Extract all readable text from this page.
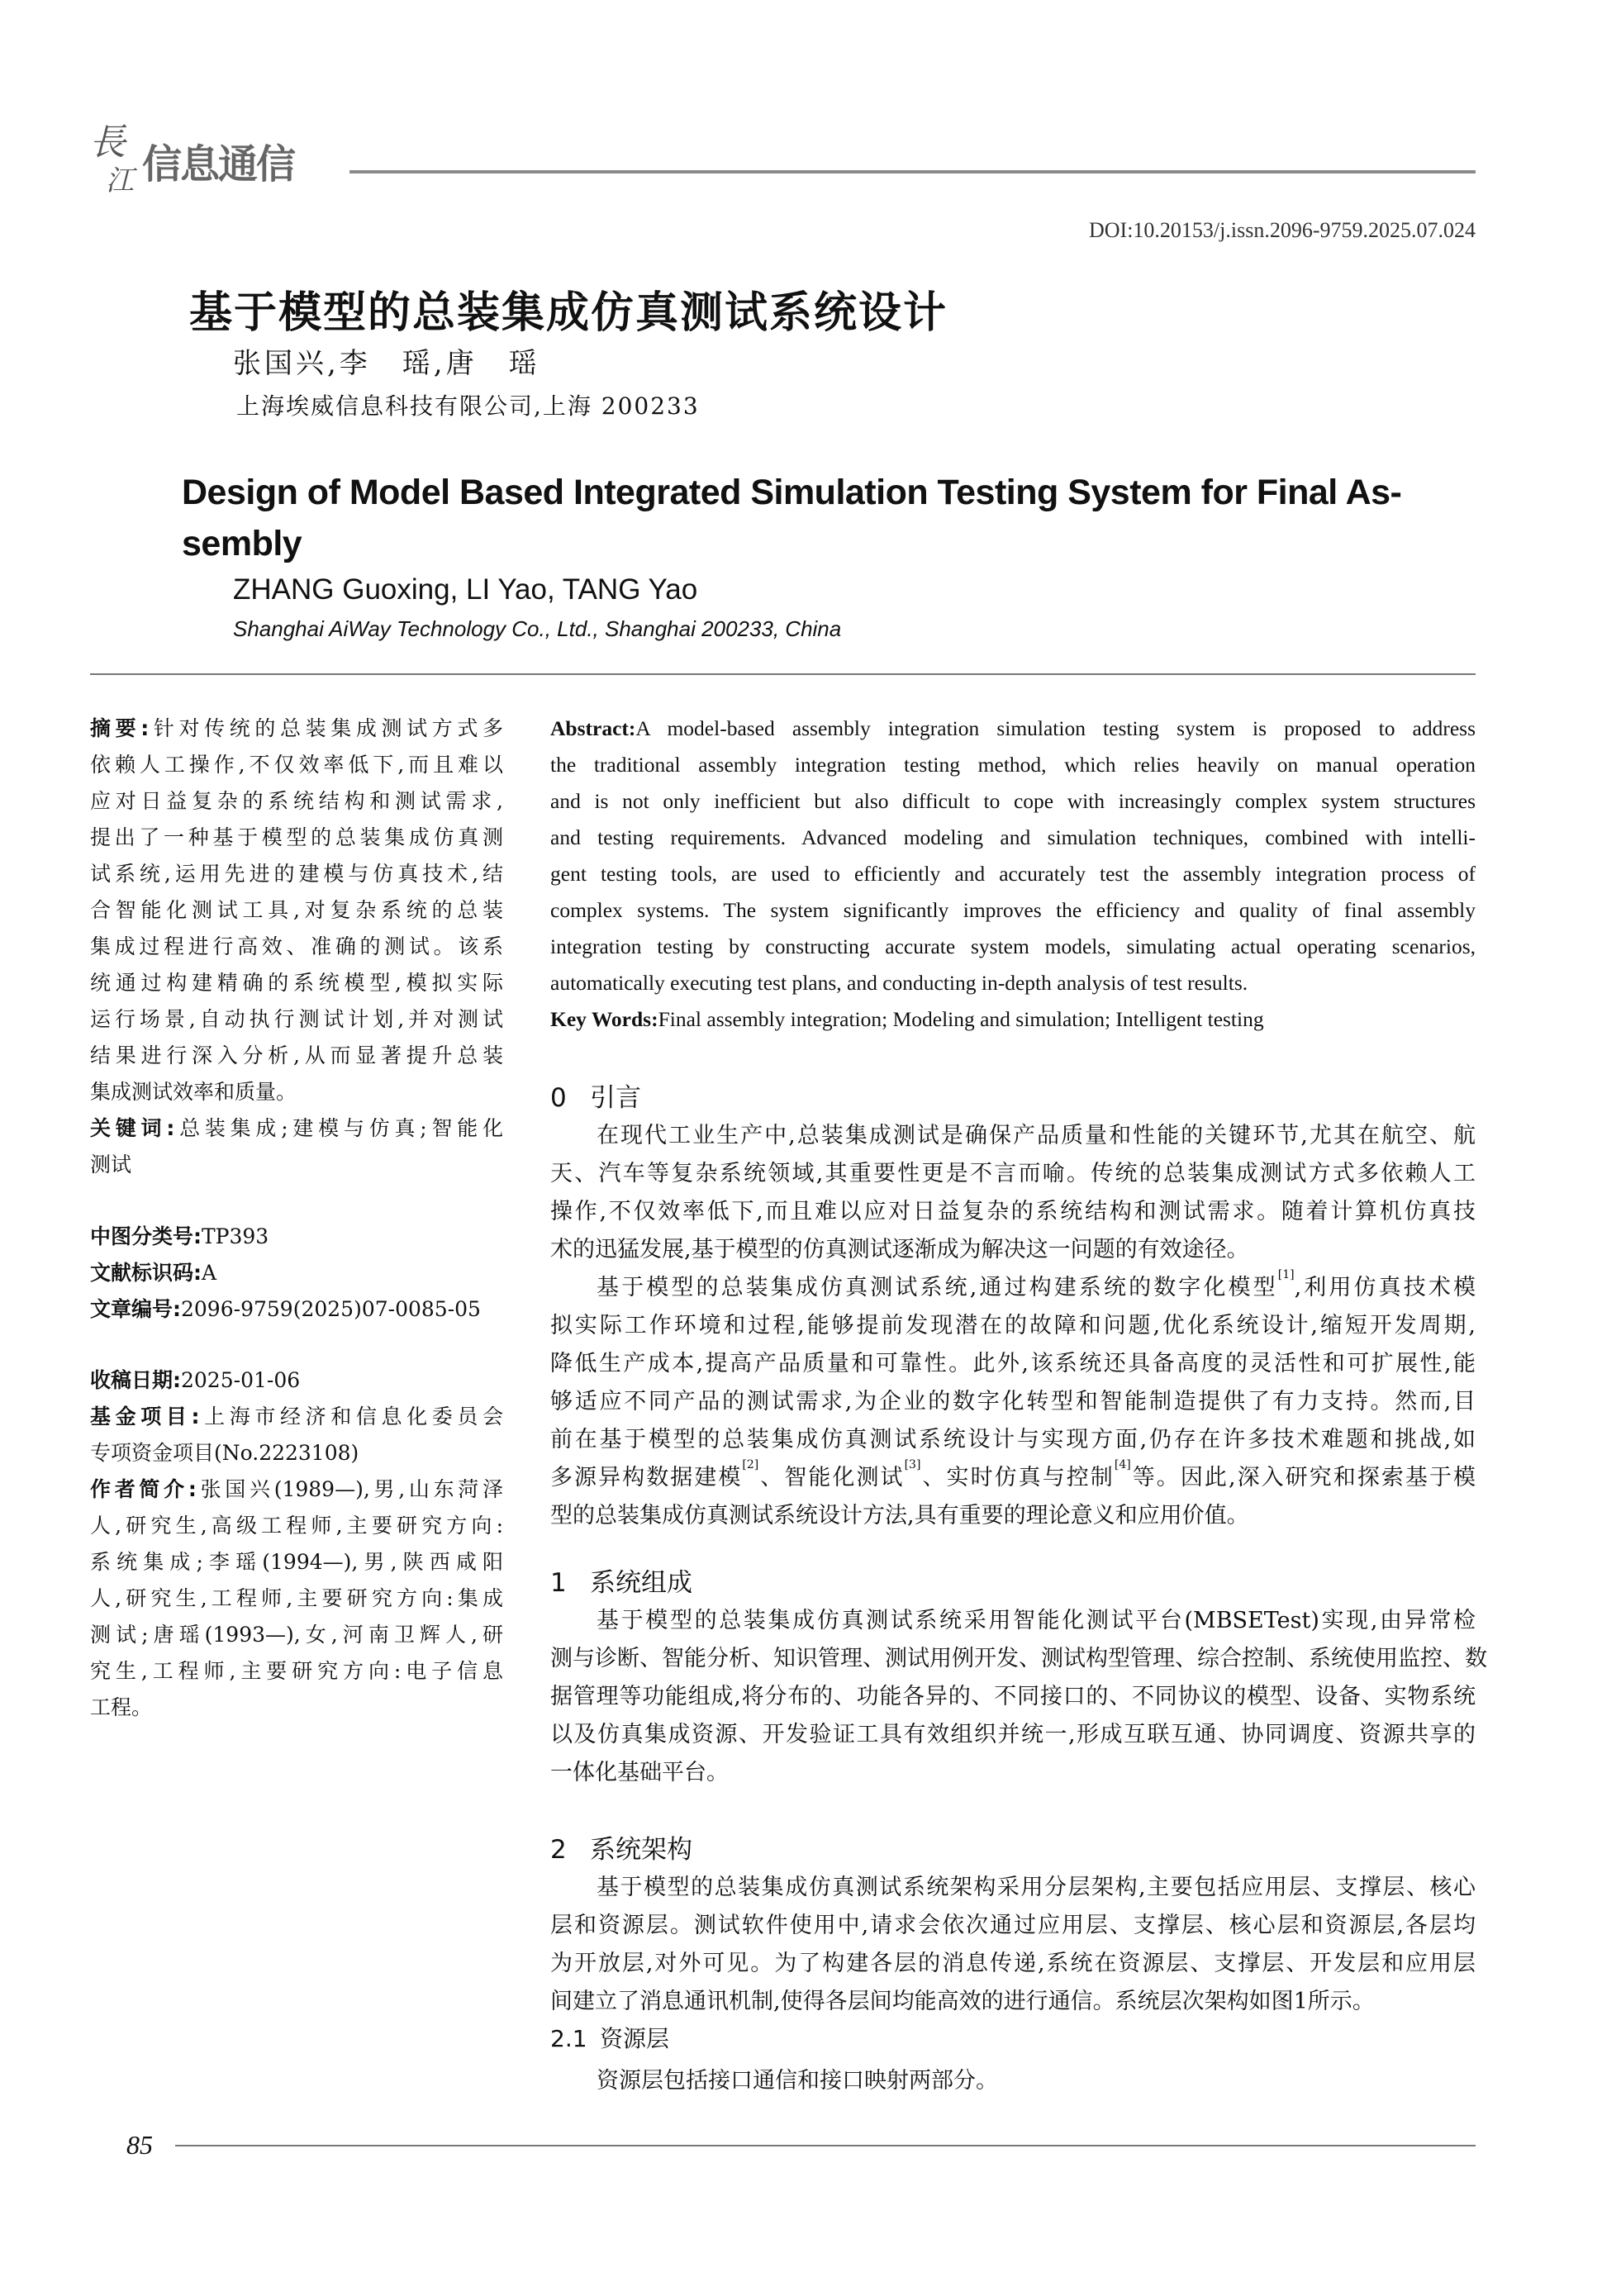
長
江 信息通信
DOI:10.20153/j.issn.2096-9759.2025.07.024
基于模型的总装集成仿真测试系统设计
张国兴,李　瑶,唐　瑶
上海埃威信息科技有限公司,上海 200233
Design of Model Based Integrated Simulation Testing System for Final As-
sembly
ZHANG Guoxing, LI Yao, TANG Yao
Shanghai AiWay Technology Co., Ltd., Shanghai 200233, China
摘要:针对传统的总装集成测试方式多
依赖人工操作,不仅效率低下,而且难以
应对日益复杂的系统结构和测试需求,
提出了一种基于模型的总装集成仿真测
试系统,运用先进的建模与仿真技术,结
合智能化测试工具,对复杂系统的总装
集成过程进行高效、准确的测试。该系
统通过构建精确的系统模型,模拟实际
运行场景,自动执行测试计划,并对测试
结果进行深入分析,从而显著提升总装
集成测试效率和质量。
关键词:总装集成;建模与仿真;智能化
测试
中图分类号:TP393
文献标识码:A
文章编号:2096-9759(2025)07-0085-05
收稿日期:2025-01-06
基金项目:上海市经济和信息化委员会
专项资金项目(No.2223108)
作者简介:张国兴(1989—),男,山东菏泽
人,研究生,高级工程师,主要研究方向:
系统集成;李瑶(1994—),男,陕西咸阳
人,研究生,工程师,主要研究方向:集成
测试;唐瑶(1993—),女,河南卫辉人,研
究生,工程师,主要研究方向:电子信息
工程。
Abstract:A model-based assembly integration simulation testing system is proposed to address
the traditional assembly integration testing method, which relies heavily on manual operation
and is not only inefficient but also difficult to cope with increasingly complex system structures
and testing requirements. Advanced modeling and simulation techniques, combined with intelli-
gent testing tools, are used to efficiently and accurately test the assembly integration process of
complex systems. The system significantly improves the efficiency and quality of final assembly
integration testing by constructing accurate system models, simulating actual operating scenarios,
automatically executing test plans, and conducting in-depth analysis of test results.
Key Words:Final assembly integration; Modeling and simulation; Intelligent testing
0 引言
在现代工业生产中,总装集成测试是确保产品质量和性能的关键环节,尤其在航空、航
天、汽车等复杂系统领域,其重要性更是不言而喻。传统的总装集成测试方式多依赖人工
操作,不仅效率低下,而且难以应对日益复杂的系统结构和测试需求。随着计算机仿真技
术的迅猛发展,基于模型的仿真测试逐渐成为解决这一问题的有效途径。
基于模型的总装集成仿真测试系统,通过构建系统的数字化模型[1],利用仿真技术模
拟实际工作环境和过程,能够提前发现潜在的故障和问题,优化系统设计,缩短开发周期,
降低生产成本,提高产品质量和可靠性。此外,该系统还具备高度的灵活性和可扩展性,能
够适应不同产品的测试需求,为企业的数字化转型和智能制造提供了有力支持。然而,目
前在基于模型的总装集成仿真测试系统设计与实现方面,仍存在许多技术难题和挑战,如
多源异构数据建模[2]、智能化测试[3]、实时仿真与控制[4]等。因此,深入研究和探索基于模
型的总装集成仿真测试系统设计方法,具有重要的理论意义和应用价值。
1 系统组成
基于模型的总装集成仿真测试系统采用智能化测试平台(MBSETest)实现,由异常检
测与诊断、智能分析、知识管理、测试用例开发、测试构型管理、综合控制、系统使用监控、数
据管理等功能组成,将分布的、功能各异的、不同接口的、不同协议的模型、设备、实物系统
以及仿真集成资源、开发验证工具有效组织并统一,形成互联互通、协同调度、资源共享的
一体化基础平台。
2 系统架构
基于模型的总装集成仿真测试系统架构采用分层架构,主要包括应用层、支撑层、核心
层和资源层。测试软件使用中,请求会依次通过应用层、支撑层、核心层和资源层,各层均
为开放层,对外可见。为了构建各层的消息传递,系统在资源层、支撑层、开发层和应用层
间建立了消息通讯机制,使得各层间均能高效的进行通信。系统层次架构如图1所示。
2.1 资源层
资源层包括接口通信和接口映射两部分。
85
